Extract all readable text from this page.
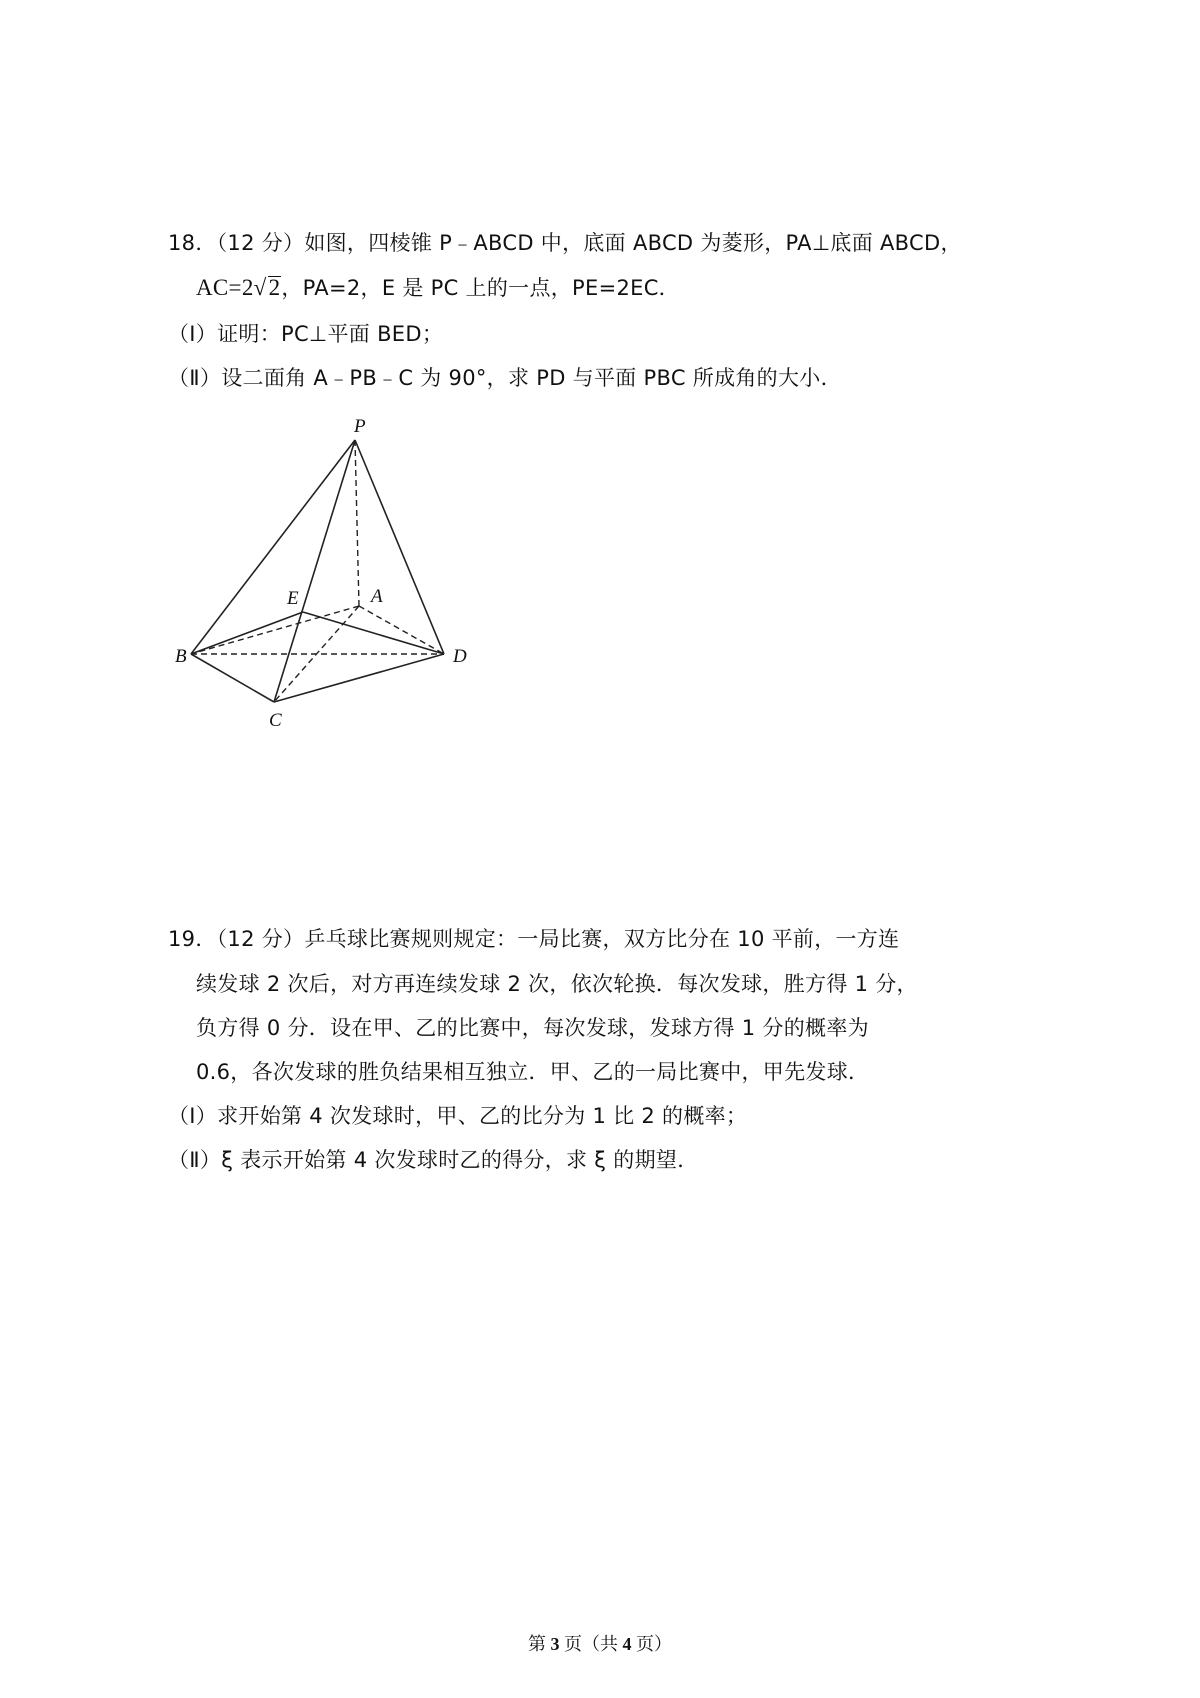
18．（12 分）如图，四棱锥 P﹣ABCD 中，底面 ABCD 为菱形，PA⊥底面 ABCD，
AC=2√2，PA=2，E 是 PC 上的一点，PE=2EC．
（Ⅰ）证明：PC⊥平面 BED；
（Ⅱ）设二面角 A﹣PB﹣C 为 90°，求 PD 与平面 PBC 所成角的大小．
P
A
B
C
D
E
19．（12 分）乒乓球比赛规则规定：一局比赛，双方比分在 10 平前，一方连
续发球 2 次后，对方再连续发球 2 次，依次轮换．每次发球，胜方得 1 分，
负方得 0 分．设在甲、乙的比赛中，每次发球，发球方得 1 分的概率为
0.6，各次发球的胜负结果相互独立．甲、乙的一局比赛中，甲先发球．
（Ⅰ）求开始第 4 次发球时，甲、乙的比分为 1 比 2 的概率；
（Ⅱ）ξ 表示开始第 4 次发球时乙的得分，求 ξ 的期望．
第 3 页（共 4 页）
